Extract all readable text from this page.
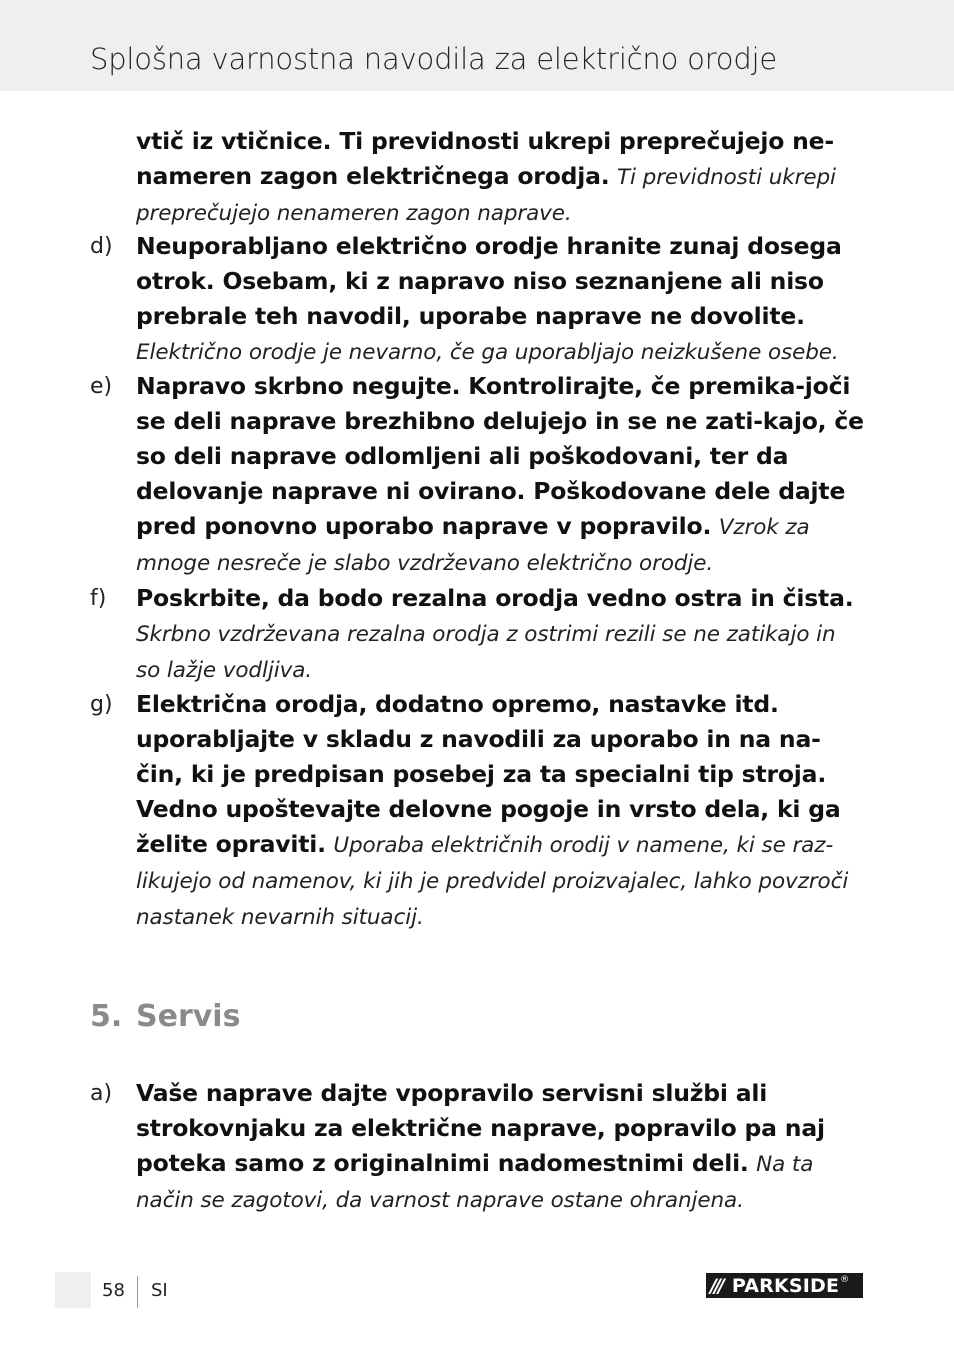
Splošna varnostna navodila za električno orodje
vtič iz vtičnice. Ti previdnosti ukrepi preprečujejo ne-nameren zagon električnega orodja. Ti previdnosti ukrepi preprečujejo nenameren zagon naprave.
d) Neuporabljano električno orodje hranite zunaj dosega otrok. Osebam, ki z napravo niso seznanjene ali niso prebrale teh navodil, uporabe naprave ne dovolite. Električno orodje je nevarno, če ga uporabljajo neizkušene osebe.
e) Napravo skrbno negujte. Kontrolirajte, če premika-joči se deli naprave brezhibno delujejo in se ne zati-kajo, če so deli naprave odlomljeni ali poškodovani, ter da delovanje naprave ni ovirano. Poškodovane dele dajte pred ponovno uporabo naprave v popravilo. Vzrok za mnoge nesreče je slabo vzdrževano električno orodje.
f) Poskrbite, da bodo rezalna orodja vedno ostra in čista. Skrbno vzdrževana rezalna orodja z ostrimi rezili se ne zatikajo in so lažje vodljiva.
g) Električna orodja, dodatno opremo, nastavke itd. uporabljajte v skladu z navodili za uporabo in na na-čin, ki je predpisan posebej za ta specialni tip stroja. Vedno upoštevajte delovne pogoje in vrsto dela, ki ga želite opraviti. Uporaba električnih orodij v namene, ki se raz-likujejo od namenov, ki jih je predvidel proizvajalec, lahko povzroči nastanek nevarnih situacij.
5. Servis
a) Vaše naprave dajte vpopravilo servisni službi ali strokovnjaku za električne naprave, popravilo pa naj poteka samo z originalnimi nadomestnimi deli. Na ta način se zagotovi, da varnost naprave ostane ohranjena.
58 SI	/// PARKSIDE ®
